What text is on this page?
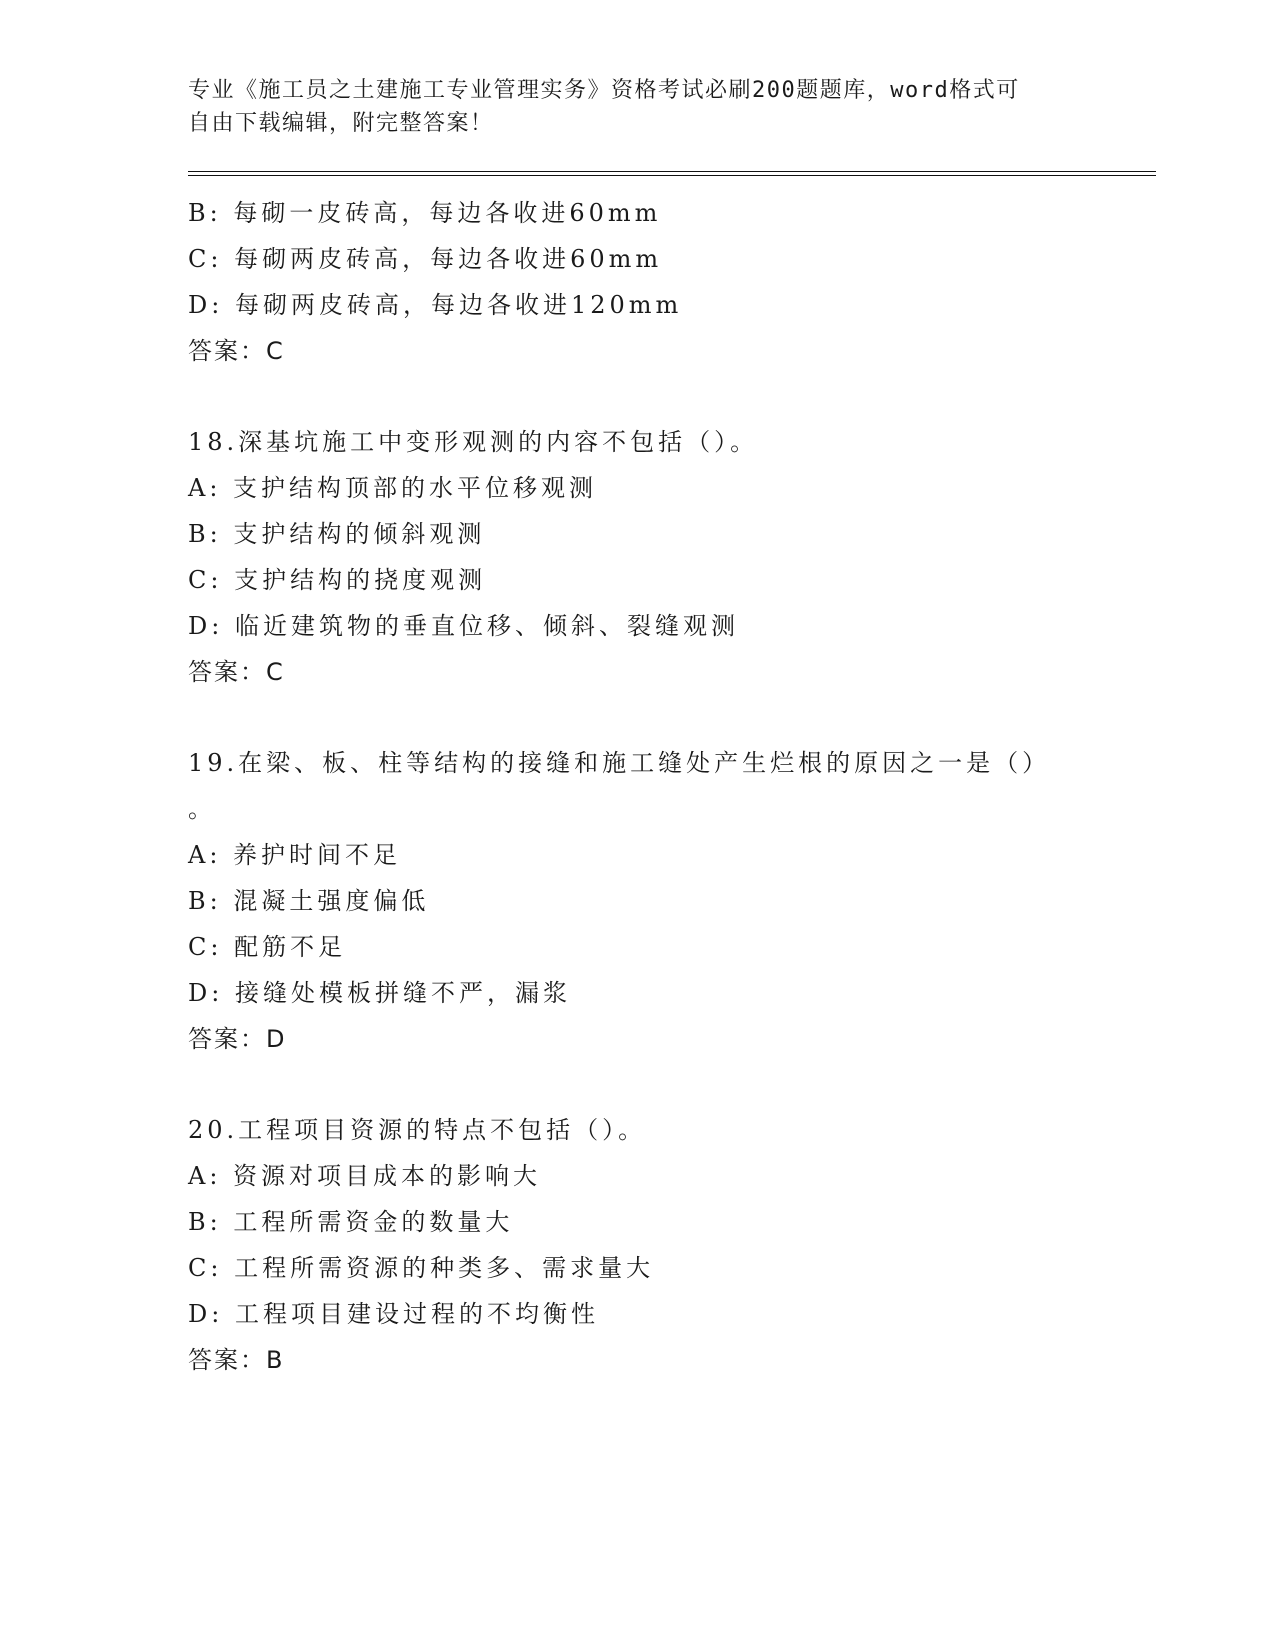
专业《施工员之土建施工专业管理实务》资格考试必刷200题题库，word格式可
自由下载编辑，附完整答案！
B: 每砌一皮砖高，每边各收进60mm
C: 每砌两皮砖高，每边各收进60mm
D: 每砌两皮砖高，每边各收进120mm
答案：C
18.深基坑施工中变形观测的内容不包括（）。
A: 支护结构顶部的水平位移观测
B: 支护结构的倾斜观测
C: 支护结构的挠度观测
D: 临近建筑物的垂直位移、倾斜、裂缝观测
答案：C
19.在梁、板、柱等结构的接缝和施工缝处产生烂根的原因之一是（）
。
A: 养护时间不足
B: 混凝土强度偏低
C: 配筋不足
D: 接缝处模板拼缝不严，漏浆
答案：D
20.工程项目资源的特点不包括（）。
A: 资源对项目成本的影响大
B: 工程所需资金的数量大
C: 工程所需资源的种类多、需求量大
D: 工程项目建设过程的不均衡性
答案：B
